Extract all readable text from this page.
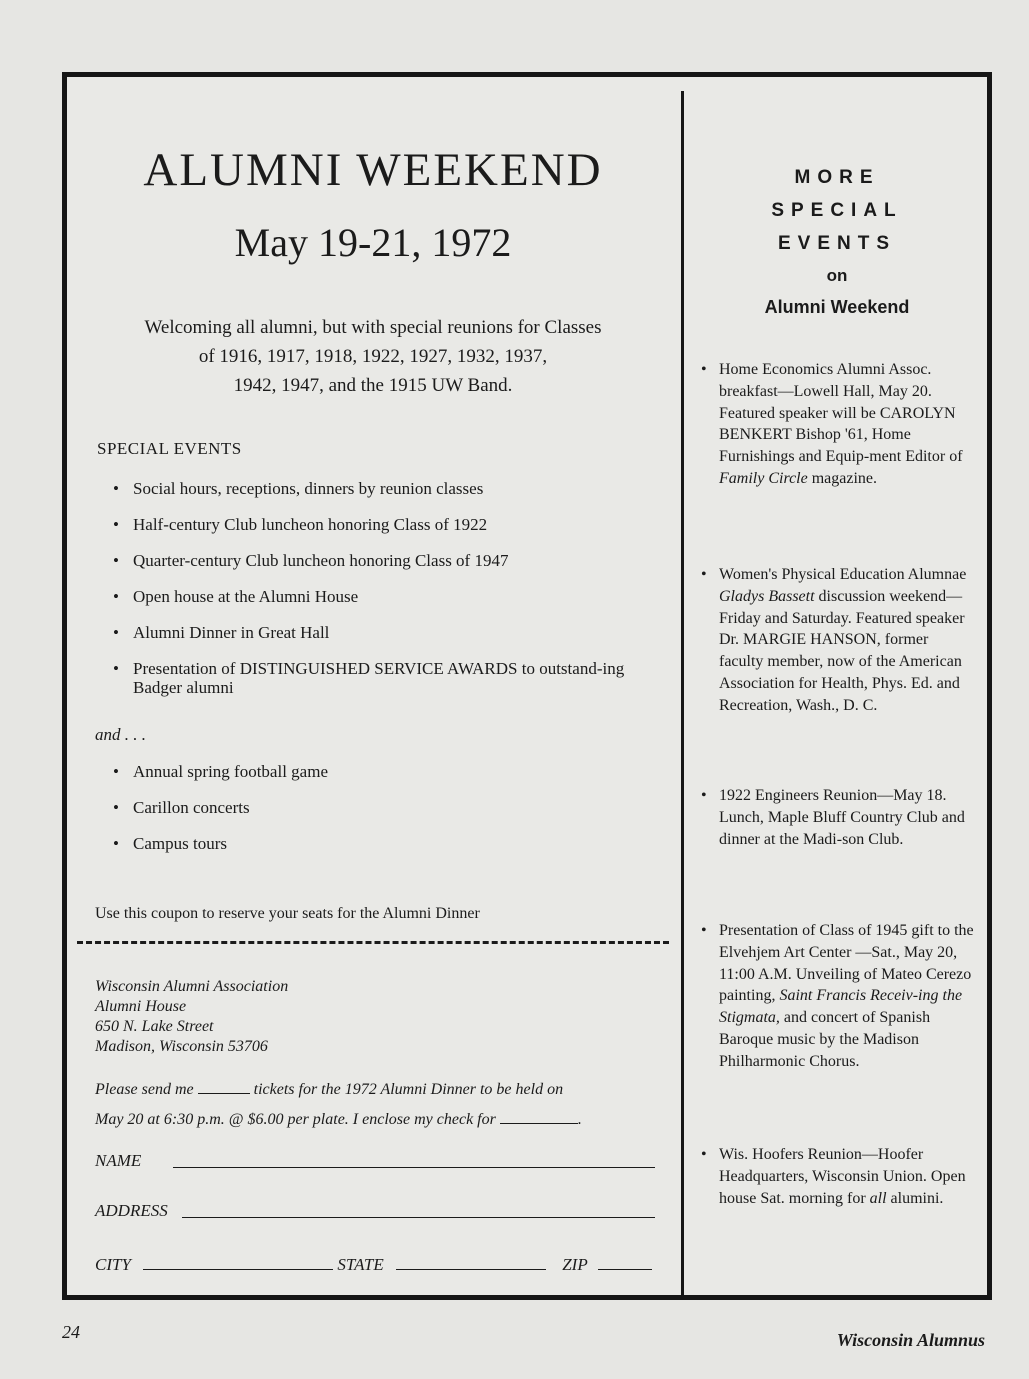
ALUMNI WEEKEND
May 19-21, 1972
Welcoming all alumni, but with special reunions for Classes
of 1916, 1917, 1918, 1922, 1927, 1932, 1937,
1942, 1947, and the 1915 UW Band.
SPECIAL EVENTS
• Social hours, receptions, dinners by reunion classes
• Half-century Club luncheon honoring Class of 1922
• Quarter-century Club luncheon honoring Class of 1947
• Open house at the Alumni House
• Alumni Dinner in Great Hall
• Presentation of DISTINGUISHED SERVICE AWARDS to outstand-ing Badger alumni
and . . .
• Annual spring football game
• Carillon concerts
• Campus tours
Use this coupon to reserve your seats for the Alumni Dinner
Wisconsin Alumni Association
Alumni House
650 N. Lake Street
Madison, Wisconsin 53706
Please send me	tickets for the 1972 Alumni Dinner to be held on
May 20 at 6:30 p.m. @ $6.00 per plate. I enclose my check for	.
NAME
ADDRESS
CITY	STATE	ZIP
MORE
SPECIAL
EVENTS
on
Alumni Weekend
• Home Economics Alumni Assoc. breakfast—Lowell Hall, May 20. Featured speaker will be CAROLYN BENKERT Bishop '61, Home Furnishings and Equip-ment Editor of Family Circle magazine.
• Women's Physical Education Alumnae Gladys Bassett discussion weekend—Friday and Saturday. Featured speaker Dr. MARGIE HANSON, former faculty member, now of the American Association for Health, Phys. Ed. and Recreation, Wash., D. C.
• 1922 Engineers Reunion—May 18. Lunch, Maple Bluff Country Club and dinner at the Madi-son Club.
• Presentation of Class of 1945 gift to the Elvehjem Art Center —Sat., May 20, 11:00 A.M. Unveiling of Mateo Cerezo painting, Saint Francis Receiv-ing the Stigmata, and concert of Spanish Baroque music by the Madison Philharmonic Chorus.
• Wis. Hoofers Reunion—Hoofer Headquarters, Wisconsin Union. Open house Sat. morning for all alumini.
24	Wisconsin Alumnus
